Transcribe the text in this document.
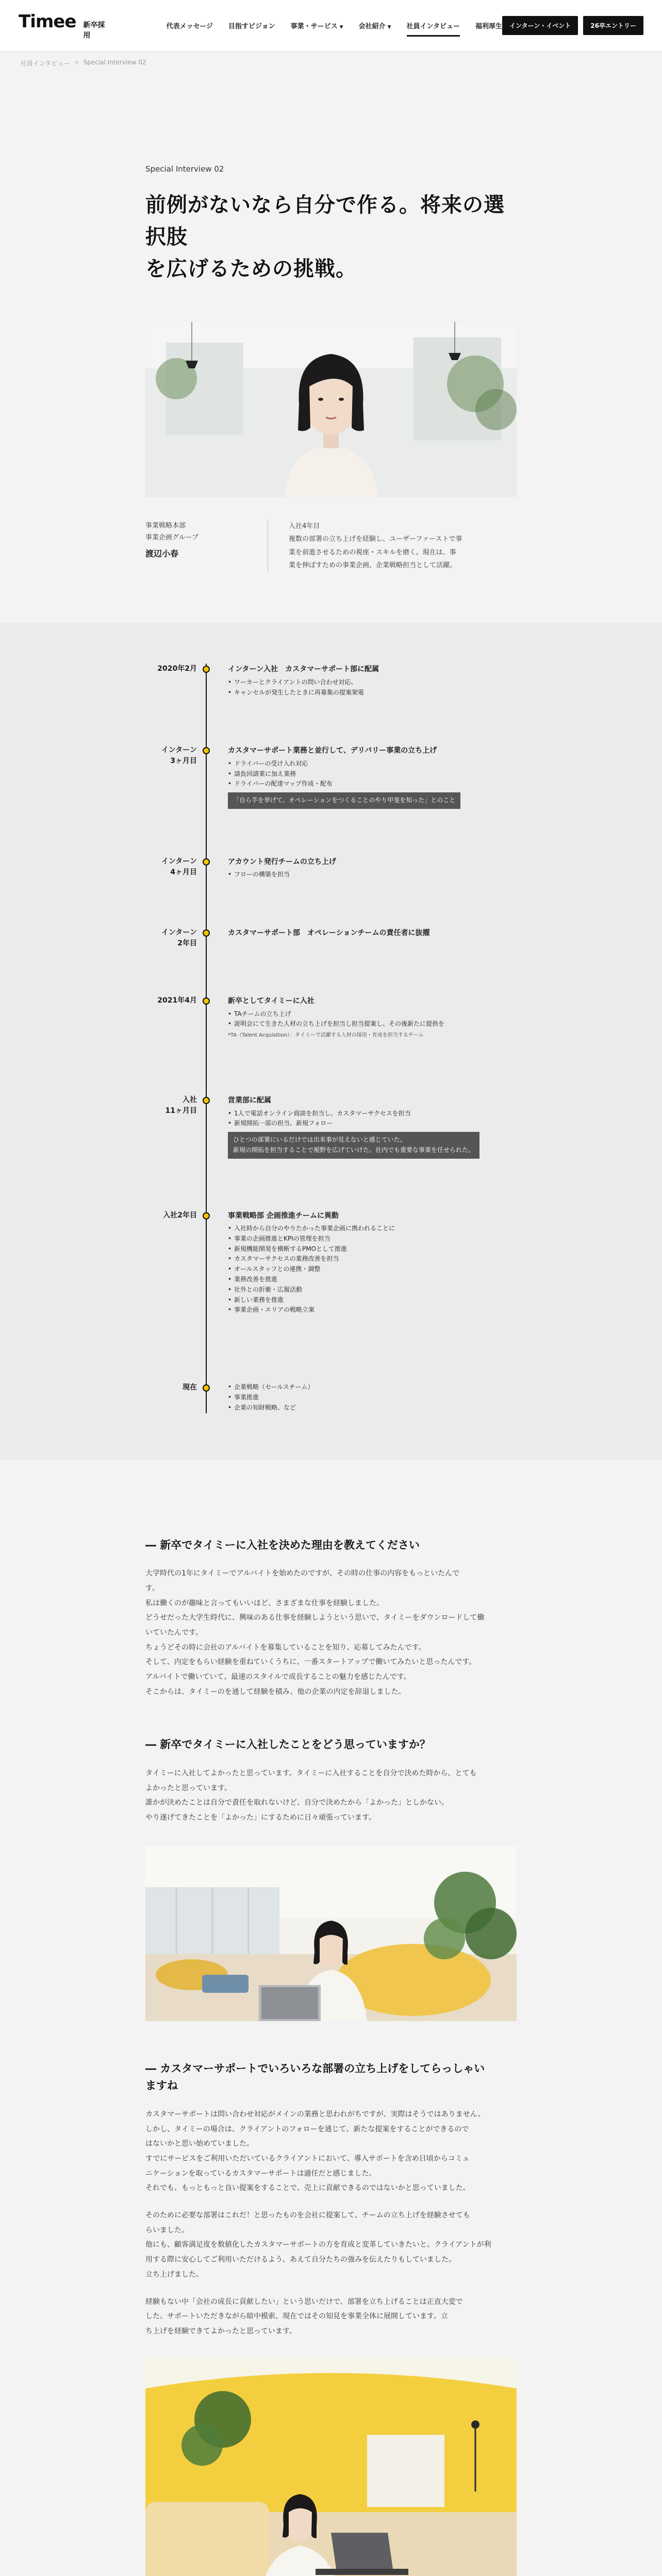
Timee 新卒採用
代表メッセージ 目指すビジョン 事業・サービス ▼ 会社紹介 ▼ 社員インタビュー 福利厚生	インターン・イベント	26卒エントリー
社員インタビュー > Special Interview 02
Special Interview 02
前例がないなら自分で作る。将来の選択肢
を広げるための挑戦。
事業戦略本部
事業企画グループ
渡辺小春
入社4年目
複数の部署の立ち上げを経験し、ユーザーファーストで事
業を前進させるための視座・スキルを磨く。現在は、事
業を伸ばすための事業企画、企業戦略担当として活躍。
2020年2月	インターン入社　カスタマーサポート部に配属
• ワーカーとクライアントの問い合わせ対応、
• キャンセルが発生したときに再募集の提案架電
インターン
3ヶ月目
カスタマーサポート業務と並行して、デリバリー事業の立ち上げ
• ドライバーの受け入れ対応
• 請負回請業に加え業務
• ドライバーの配達マップ作成・配布
「自ら手を挙げて、オペレーションをつくることのやり甲斐を知った」とのこと
インターン
4ヶ月目
アカウント発行チームの立ち上げ
• フローの構築を担当
インターン
2年目
カスタマーサポート部　オペレーションチームの責任者に抜擢
2021年4月	新卒としてタイミーに入社
• TAチームの立ち上げ
• 説明会にて生きた人材の立ち上げを担当し担当提案し、その後新たに提供を
*TA（Talent Acquisition）：タイミーで活躍する人材の採用・育成を担当するチーム
入社
11ヶ月目
営業部に配属
• 1人で電話オンライン商談を担当し、カスタマーサクセスを担当
• 新規開拓一部の担当、新規フォロー
ひとつの部署にいるだけでは出来事が見えないと感じていた。
新規の開拓を担当することで視野を広げていけた。社内でも重要な事業を任せられた。
入社2年目	事業戦略部 企画推進チームに異動
• 入社時から自分のやりたかった事業企画に携われることに
• 事業の企画推進とKPIの管理を担当
• 新規機能開発を横断するPMOとして推進
• カスタマーサクセスの業務改善を担当
• オールスタッフとの連携・調整
• 業務改善を推進
• 社外との折衝・広報活動
• 新しい業務を推進
• 事業企画・エリアの戦略立案
現在
•	企業戦略（セールスチーム）
• 事業推進
• 企業の知財戦略、など
― 新卒でタイミーに入社を決めた理由を教えてください

大学時代の1年にタイミーでアルバイトを始めたのですが、その時の仕事の内容をもっといたんで

す。

私は働くのが趣味と言ってもいいほど、さまざまな仕事を経験しました。

どうせだった大学生時代に、興味のある仕事を経験しようという思いで、タイミーをダウンロードして働

いていたんです。

ちょうどその時に会社のアルバイトを募集していることを知り、応募してみたんです。

そして、内定をもらい経験を重ねていくうちに、一番スタートアップで働いてみたいと思ったんです。

アルバイトで働いていて、最速のスタイルで成長することの魅力を感じたんです。

そこからは、タイミーのを通して経験を積み、他の企業の内定を辞退しました。

― 新卒でタイミーに入社したことをどう思っていますか？

タイミーに入社してよかったと思っています。タイミーに入社することを自分で決めた時から、とても

よかったと思っています。

誰かが決めたことは自分で責任を取れないけど、自分で決めたから「よかった」としかない。

やり遂げてきたことを「よかった」にするために日々頑張っています。

― カスタマーサポートでいろいろな部署の立ち上げをしてらっしゃい
ますね

カスタマーサポートは問い合わせ対応がメインの業務と思われがちですが、実際はそうではありません。

しかし、タイミーの場合は、クライアントのフォローを通じて、新たな提案をすることができるので

はないかと思い始めていました。

すでにサービスをご利用いただいているクライアントにおいて、導入サポートを含め日頃からコミュ

ニケーションを取っているカスタマーサポートは適任だと感じました。

それでも、もっともっと良い提案をすることで、売上に貢献できるのではないかと思っていました。

そのために必要な部署はこれだ！と思ったものを会社に提案して、チームの立ち上げを経験させても

らいました。

他にも、顧客満足度を数値化したカスタマーサポートの方を育成と変革していきたいと。クライアントが利

用する際に安心してご利用いただけるよう、あえて自分たちの強みを伝えたりもしていました。

立ち上げました。

経験もない中「会社の成長に貢献したい」という思いだけで、部署を立ち上げることは正直大変で

した。サポートいただきながら暗中模索、現在ではその知見を事業全体に展開しています。立

ち上げを経験できてよかったと思っています。
